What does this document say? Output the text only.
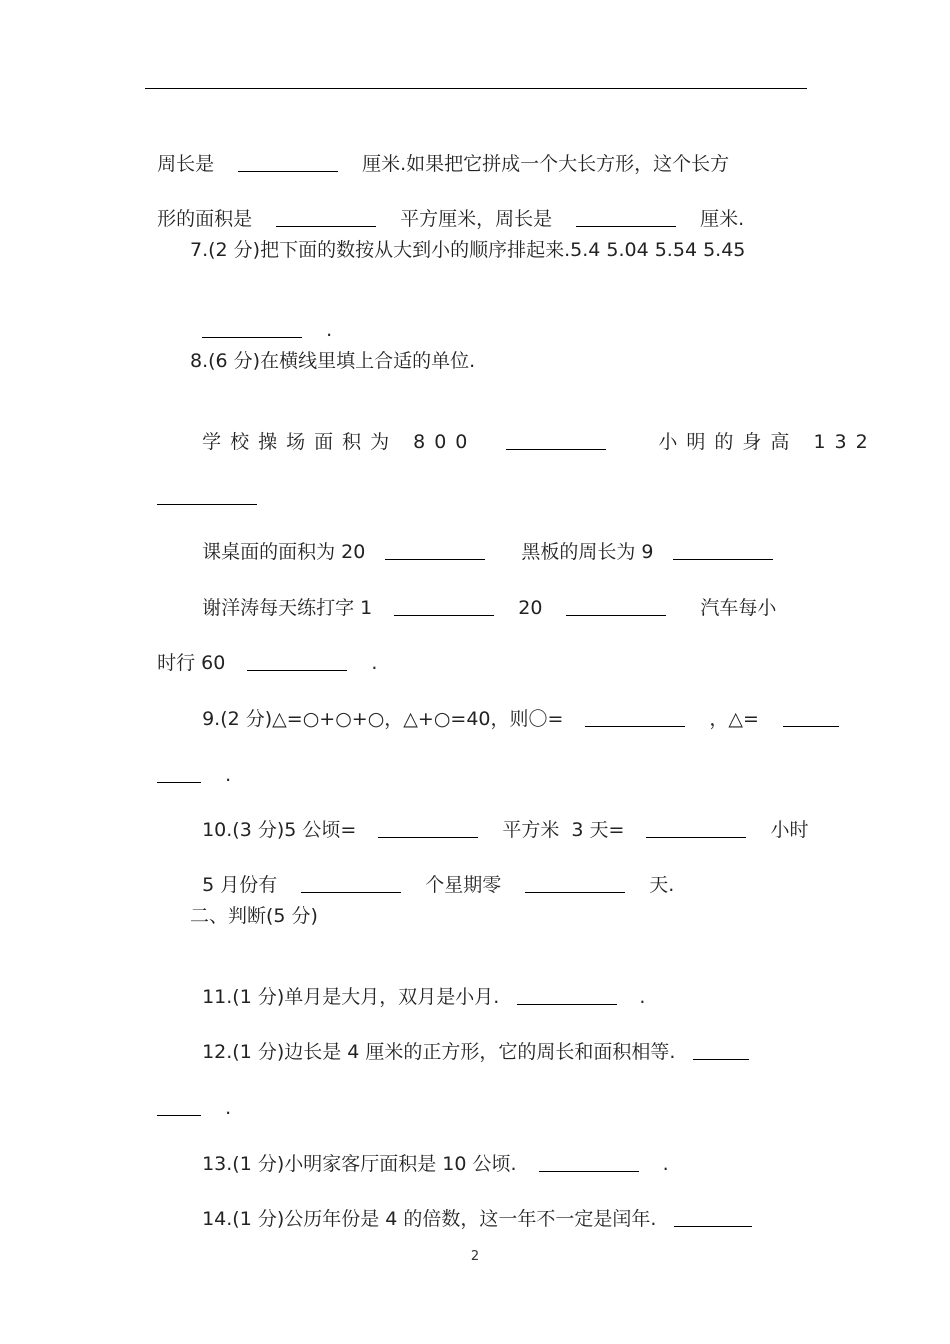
周长是	厘米.如果把它拼成一个大长方形，这个长方

形的面积是	平方厘米，周长是	厘米.

7.(2 分)把下面的数按从大到小的顺序排起来.5.4 5.04 5.54 5.45

.

8.(6 分)在横线里填上合适的单位.

学校操场面积为 800	小明的身高 132

课桌面的面积为 20	黑板的周长为 9

谢洋涛每天练打字 1	20	汽车每小

时行 60	.

9.(2 分)△=○+○+○，△+○=40，则〇=	，△=

.

10.(3 分)5 公顷=	平方米  3 天=	小时

5 月份有	个星期零	天.

二、判断(5 分)

11.(1 分)单月是大月，双月是小月.	.

12.(1 分)边长是 4 厘米的正方形，它的周长和面积相等.

.

13.(1 分)小明家客厅面积是 10 公顷.	.

14.(1 分)公历年份是 4 的倍数，这一年不一定是闰年.

2
